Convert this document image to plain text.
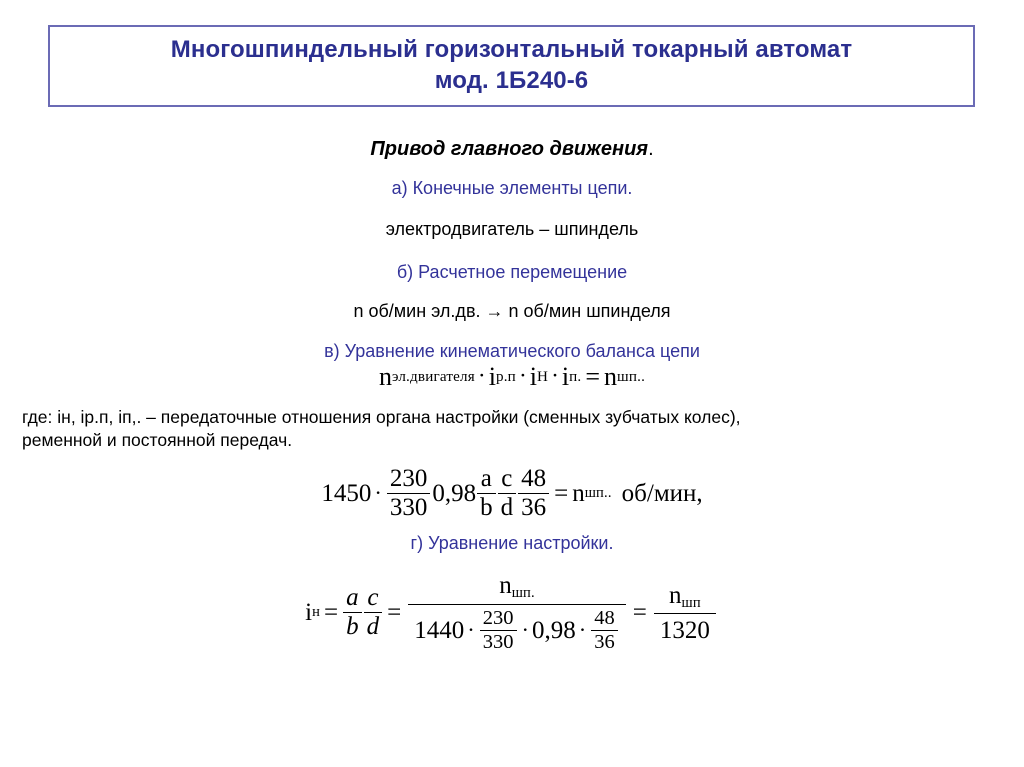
Многошпиндельный горизонтальный токарный автомат
мод. 1Б240-6
Привод главного движения.
а) Конечные элементы цепи.
электродвигатель – шпиндель
б) Расчетное перемещение
n об/мин эл.дв. → n об/мин шпинделя
в) Уравнение кинематического баланса цепи
n эл.двигателя · i р.п · i Н · i п. = n шп..
где: iн, iр.п, iп,. – передаточные отношения органа настройки (сменных зубчатых колес),
ременной и постоянной передач.
$1450 \cdot \frac{230}{330} 0,98 \frac{a}{b} \frac{c}{d} \frac{48}{36} = n$ шп.. об/мин,
г) Уравнение настройки.
i $н = \frac{a}{b} \frac{c}{d}$ =
$n_{шп.}$
$1440 \cdot \frac{230}{330} \cdot 0,98 \cdot \frac{48}{36} = \frac{n_{шп}}{1320}$
